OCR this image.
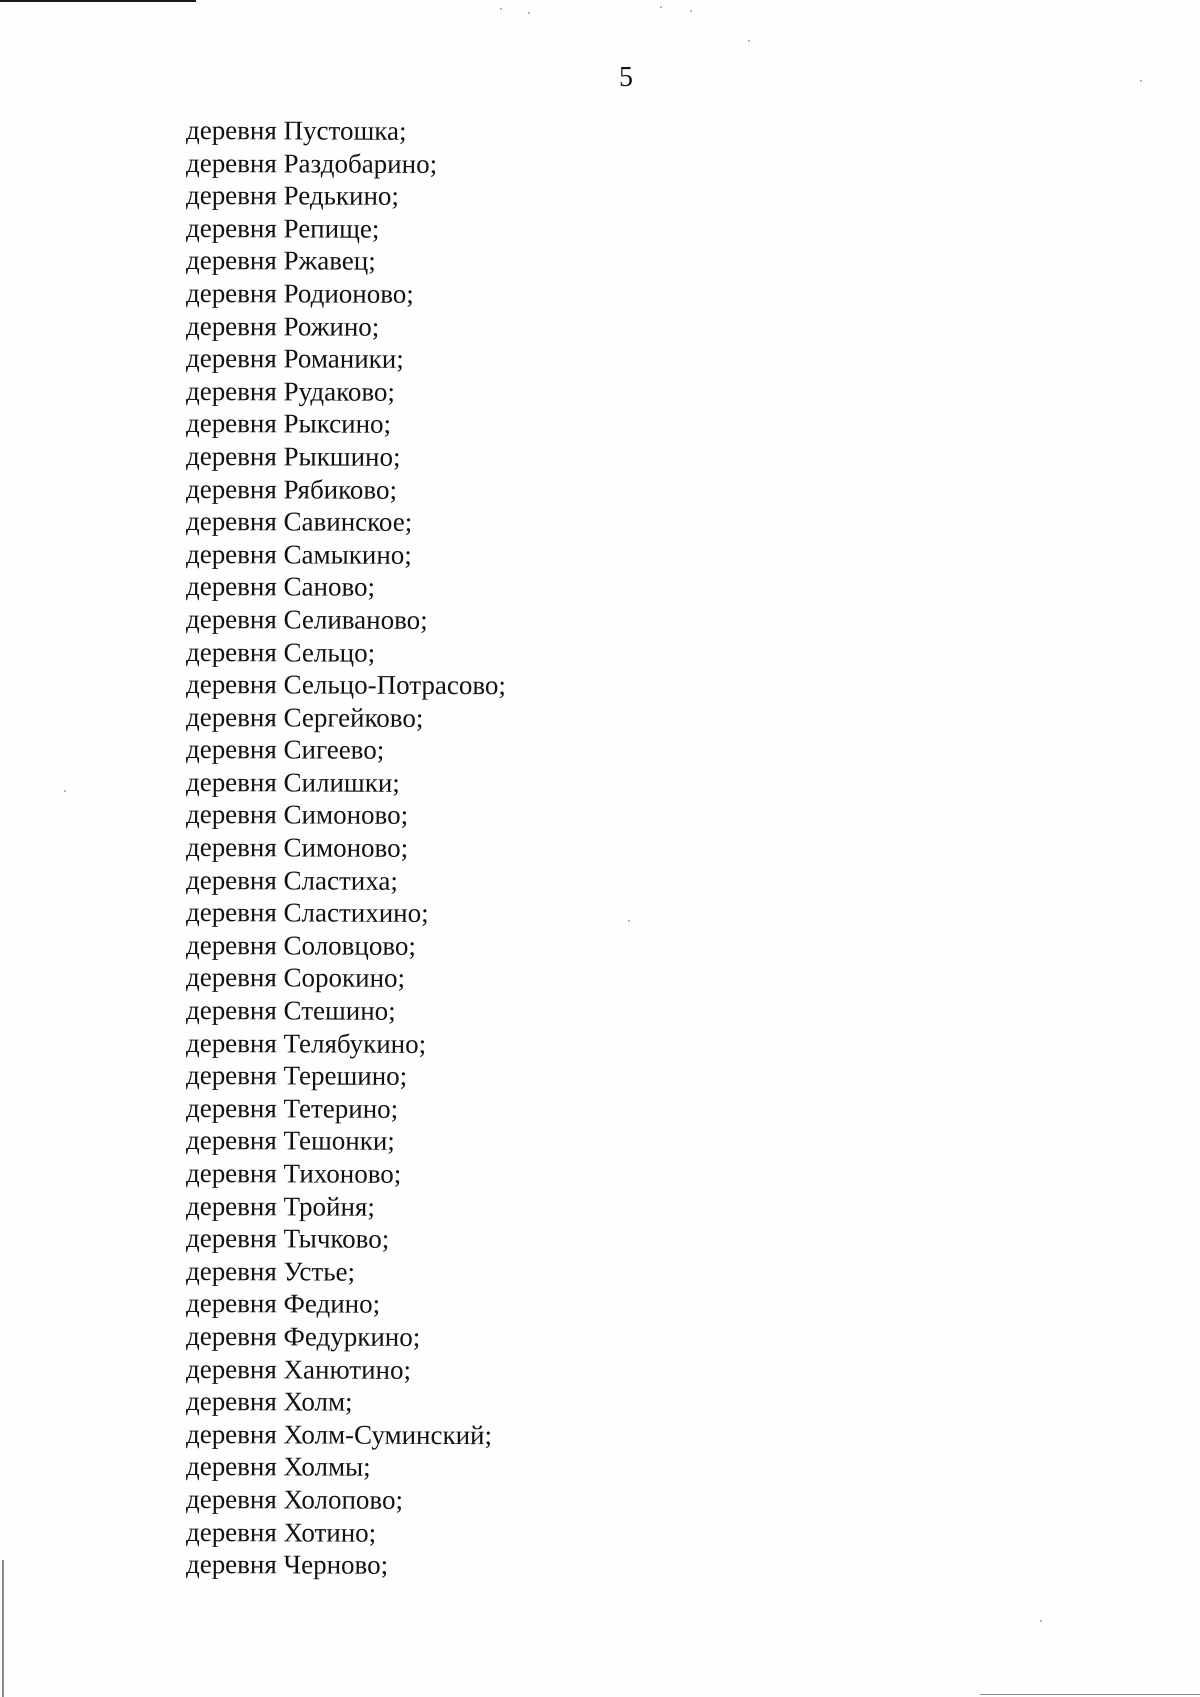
5

деревня Пустошка;
деревня Раздобарино;
деревня Редькино;
деревня Репище;
деревня Ржавец;
деревня Родионово;
деревня Рожино;
деревня Романики;
деревня Рудаково;
деревня Рыксино;
деревня Рыкшино;
деревня Рябиково;
деревня Савинское;
деревня Самыкино;
деревня Саново;
деревня Селиваново;
деревня Сельцо;
деревня Сельцо-Потрасово;
деревня Сергейково;
деревня Сигеево;
деревня Силишки;
деревня Симоново;
деревня Симоново;
деревня Сластиха;
деревня Сластихино;
деревня Соловцово;
деревня Сорокино;
деревня Стешино;
деревня Телябукино;
деревня Терешино;
деревня Тетерино;
деревня Тешонки;
деревня Тихоново;
деревня Тройня;
деревня Тычково;
деревня Устье;
деревня Федино;
деревня Федуркино;
деревня Ханютино;
деревня Холм;
деревня Холм-Суминский;
деревня Холмы;
деревня Холопово;
деревня Хотино;
деревня Черново;
